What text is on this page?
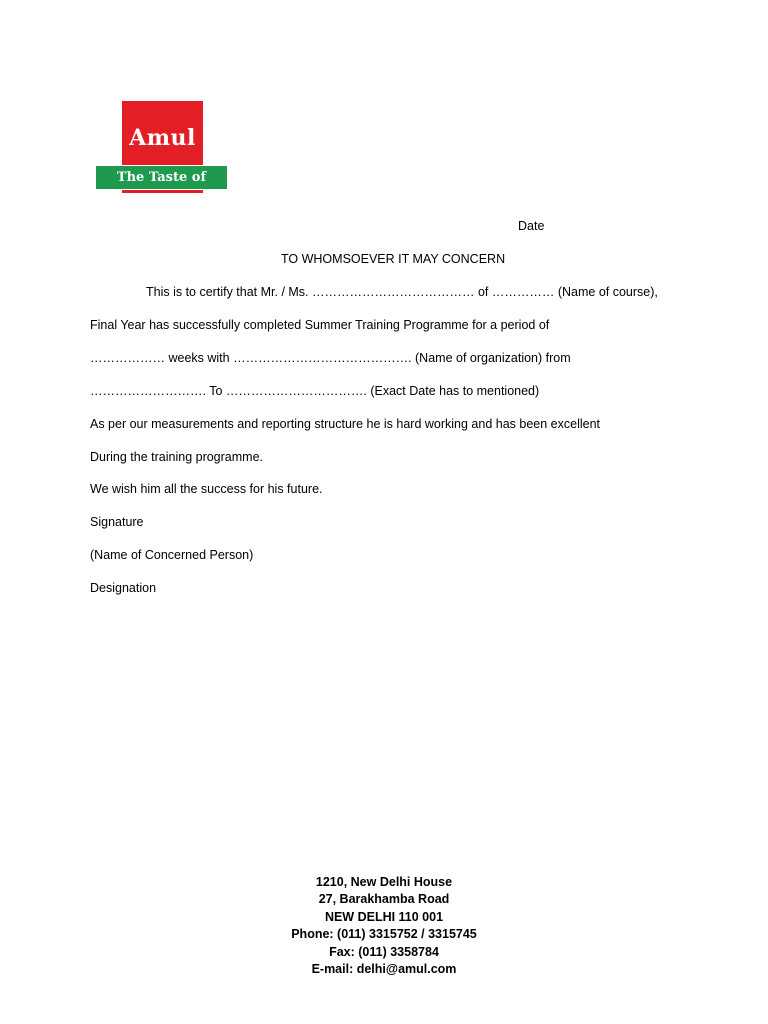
Amul
The Taste of India
Date
TO WHOMSOEVER IT MAY CONCERN
This is to certify that Mr. / Ms. ………………………………… of …………… (Name of course),
Final Year has successfully completed Summer Training Programme for a period of
……………… weeks with ……………………………………. (Name of organization) from
………………………. To ……………………………. (Exact Date has to mentioned)
As per our measurements and reporting structure he is hard working and has been excellent
During the training programme.
We wish him all the success for his future.
Signature
(Name of Concerned Person)
Designation
1210, New Delhi House
27, Barakhamba Road
NEW DELHI 110 001
Phone: (011) 3315752 / 3315745
Fax: (011) 3358784
E-mail: delhi@amul.com
